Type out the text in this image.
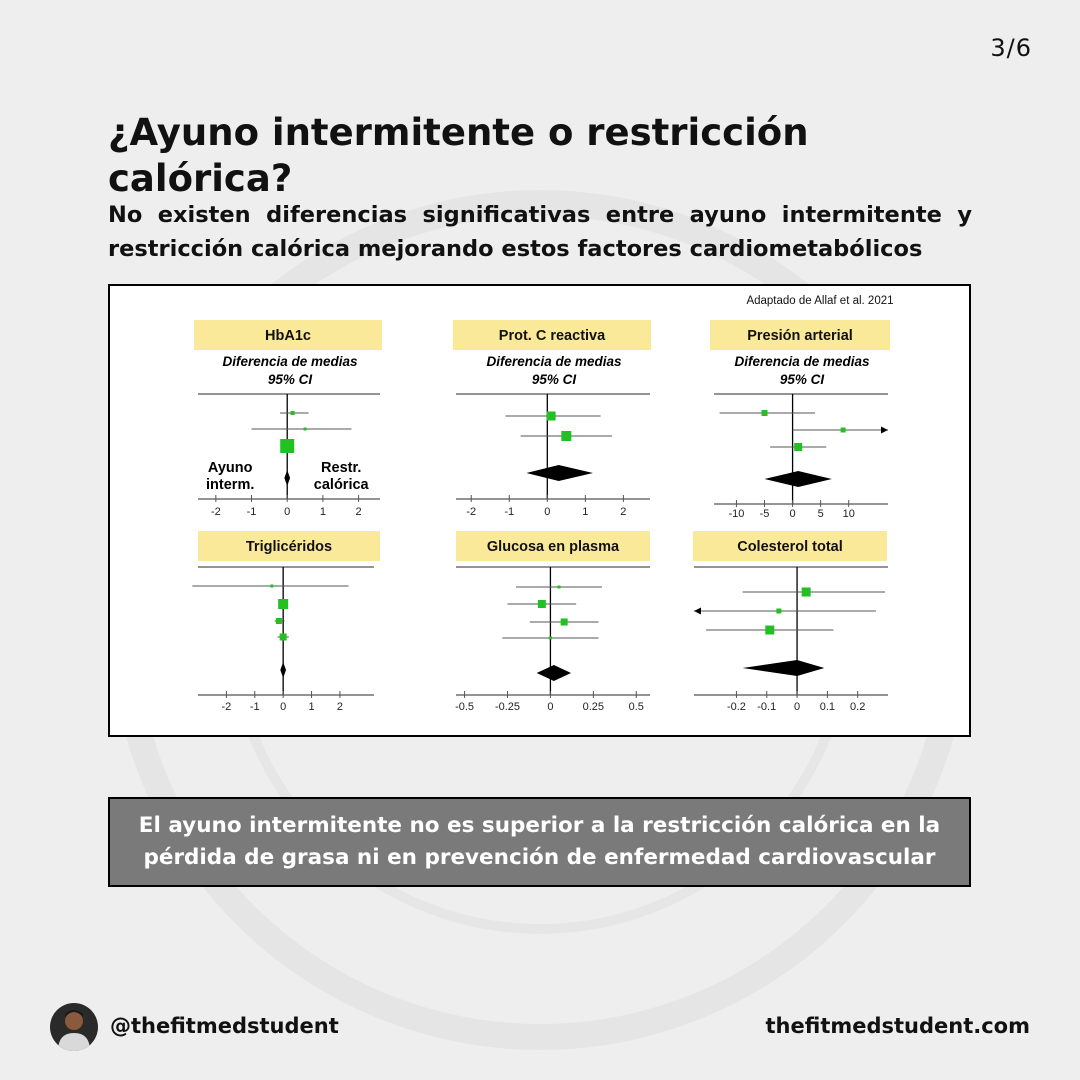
3/6
¿Ayuno intermitente o restricción calórica?
No existen diferencias significativas entre ayuno intermitente y restricción calórica mejorando estos factores cardiometabólicos
Adaptado de Allaf et al. 2021
HbA1c
Diferencia de medias
95% CI
-2 -1	0	1	2
Ayuno
interm.
Restr.
calórica
Prot. C reactiva
Diferencia de medias
95% CI
-2	-1	0	1	2
Presión arterial
Diferencia de medias
95% CI
-10 -5 0 5 10
Triglicéridos
-2 -1 0 1 2
Glucosa en plasma
-0.5 -0.25 0	0.25 0.5
Colesterol total
-0.2 -0.1 0 0.1 0.2
El ayuno intermitente no es superior a la restricción calórica en la pérdida de grasa ni en prevención de enfermedad cardiovascular
@thefitmedstudent	thefitmedstudent.com
